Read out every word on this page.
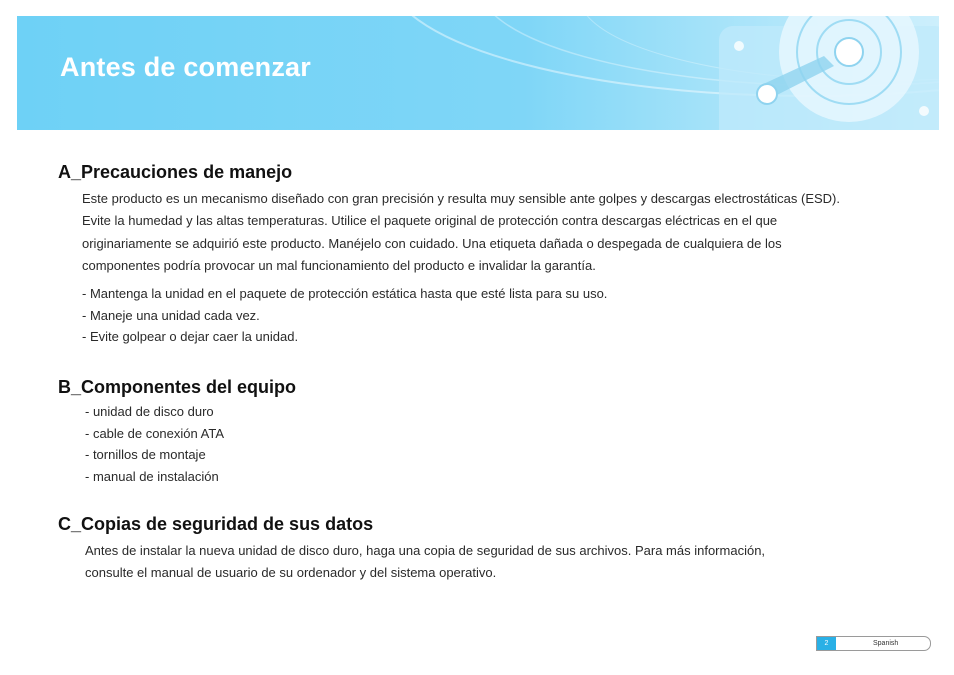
Antes de comenzar
A_Precauciones de manejo

Este producto es un mecanismo diseñado con gran precisión y resulta muy sensible ante golpes y descargas electrostáticas (ESD).
Evite la humedad y las altas temperaturas. Utilice el paquete original de protección contra descargas eléctricas en el que
originariamente se adquirió este producto. Manéjelo con cuidado. Una etiqueta dañada o despegada de cualquiera de los
componentes podría provocar un mal funcionamiento del producto e invalidar la garantía.

- Mantenga la unidad en el paquete de protección estática hasta que esté lista para su uso.
- Maneje una unidad cada vez.
- Evite golpear o dejar caer la unidad.
B_Componentes del equipo
- unidad de disco duro
- cable de conexión ATA
- tornillos de montaje
- manual de instalación
C_Copias de seguridad de sus datos

Antes de instalar la nueva unidad de disco duro, haga una copia de seguridad de sus archivos. Para más información,
consulte el manual de usuario de su ordenador y del sistema operativo.

2	Spanish
